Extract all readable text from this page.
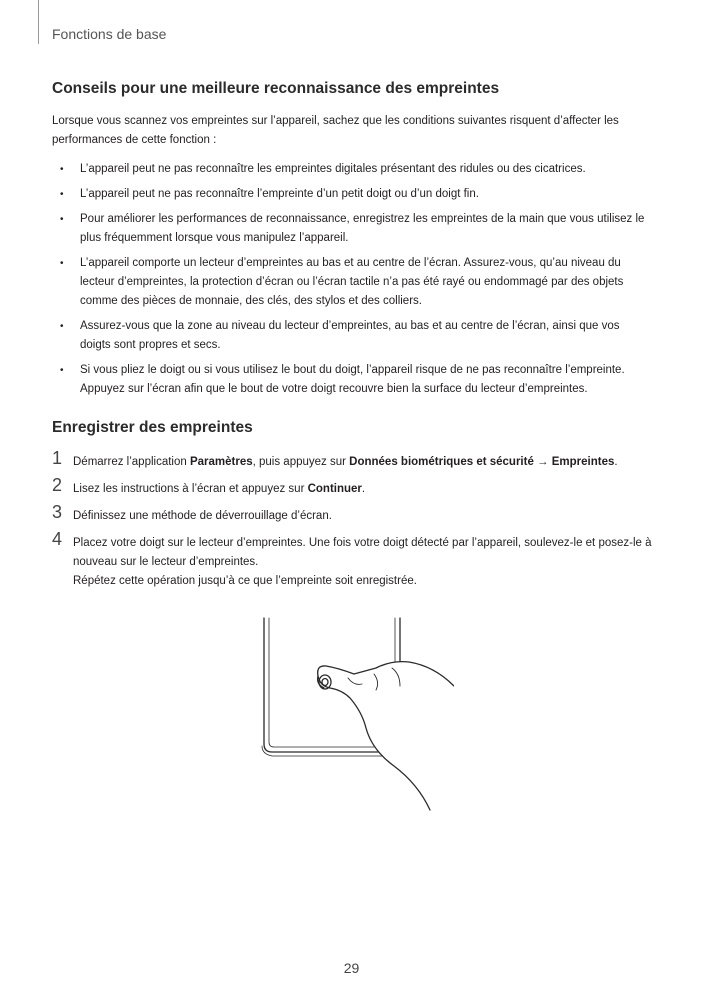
Fonctions de base
Conseils pour une meilleure reconnaissance des empreintes

Lorsque vous scannez vos empreintes sur l’appareil, sachez que les conditions suivantes risquent d’affecter les performances de cette fonction :

• L’appareil peut ne pas reconnaître les empreintes digitales présentant des ridules ou des cicatrices.
• L’appareil peut ne pas reconnaître l’empreinte d’un petit doigt ou d’un doigt fin.
• Pour améliorer les performances de reconnaissance, enregistrez les empreintes de la main que vous utilisez le plus fréquemment lorsque vous manipulez l’appareil.
• L’appareil comporte un lecteur d’empreintes au bas et au centre de l’écran. Assurez-vous, qu’au niveau du lecteur d’empreintes, la protection d’écran ou l’écran tactile n’a pas été rayé ou endommagé par des objets comme des pièces de monnaie, des clés, des stylos et des colliers.
• Assurez-vous que la zone au niveau du lecteur d’empreintes, au bas et au centre de l’écran, ainsi que vos doigts sont propres et secs.
• Si vous pliez le doigt ou si vous utilisez le bout du doigt, l’appareil risque de ne pas reconnaître l’empreinte. Appuyez sur l’écran afin que le bout de votre doigt recouvre bien la surface du lecteur d’empreintes.
Enregistrer des empreintes
1 Démarrez l’application Paramètres, puis appuyez sur Données biométriques et sécurité → Empreintes.
2 Lisez les instructions à l’écran et appuyez sur Continuer.
3 Définissez une méthode de déverrouillage d’écran.
4 Placez votre doigt sur le lecteur d’empreintes. Une fois votre doigt détecté par l’appareil, soulevez-le et posez-le à nouveau sur le lecteur d’empreintes.
Répétez cette opération jusqu’à ce que l’empreinte soit enregistrée.
29
